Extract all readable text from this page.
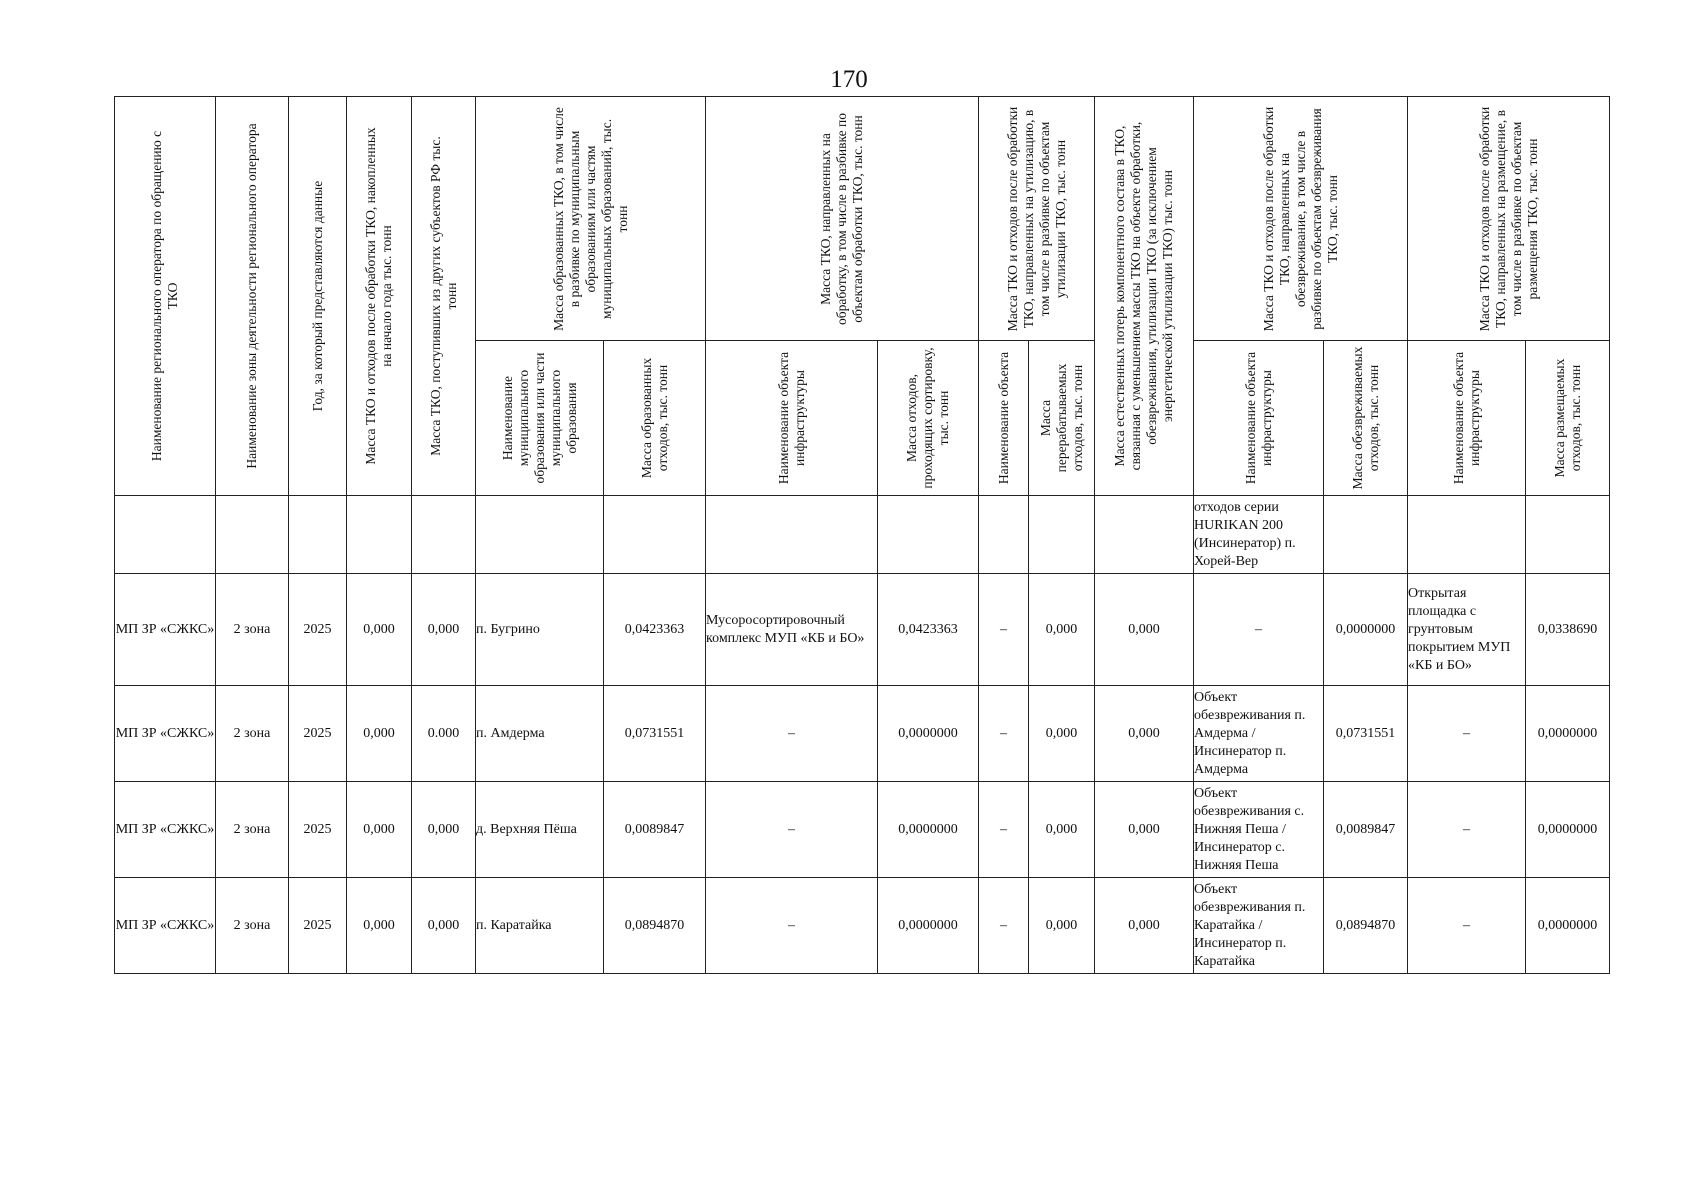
170
Наименование регионального оператора по обращению с ТКО	Наименование зоны деятельности регионального оператора	Год, за который представляются данные	Масса ТКО и отходов после обработки ТКО, накопленных на начало года тыс. тонн	Масса ТКО, поступивших из других субъектов РФ тыс. тонн	Масса образованных ТКО, в том числе в разбивке по муниципальным образованиям или частям муниципальных образований, тыс. тонн		Масса ТКО, направленных на обработку, в том числе в разбивке по объектам обработки ТКО, тыс. тонн		Масса ТКО и отходов после обработки ТКО, направленных на утилизацию, в том числе в разбивке по объектам утилизации ТКО, тыс. тонн		Масса естественных потерь компонентного состава в ТКО, связанная с уменьшением массы ТКО на объекте обработки, обезвреживания, утилизации ТКО (за исключением энергетической утилизации ТКО) тыс. тонн	Масса ТКО и отходов после обработки ТКО, направленных на обезвреживание, в том числе в разбивке по объектам обезвреживания ТКО, тыс. тонн		Масса ТКО и отходов после обработки ТКО, направленных на размещение, в том числе в разбивке по объектам размещения ТКО, тыс. тонн	

					Наименование муниципального образования или части муниципального образования	Масса образованных отходов, тыс. тонн	Наименование объекта инфраструктуры	Масса отходов, проходящих сортировку, тыс. тонн	Наименование объекта	Масса перерабатываемых отходов, тыс. тонн		Наименование объекта инфраструктуры	Масса обезвреживаемых отходов, тыс. тонн	Наименование объекта инфраструктуры	Масса размещаемых отходов, тыс. тонн

												отходов серии HURIKAN 200 (Инсинератор) п. Хорей-Вер			
МП ЗР «СЖКС»	2 зона	2025	0,000	0,000	п. Бугрино	0,0423363	Мусоросортировочный комплекс МУП «КБ и БО»	0,0423363	–	0,000	0,000	–	0,0000000	Открытая площадка с грунтовым покрытием МУП «КБ и БО»	0,0338690
МП ЗР «СЖКС»	2 зона	2025	0,000	0.000	п. Амдерма	0,0731551	–	0,0000000	–	0,000	0,000	Объект обезвреживания п. Амдерма / Инсинератор п. Амдерма	0,0731551	–	0,0000000
МП ЗР «СЖКС»	2 зона	2025	0,000	0,000	д. Верхняя Пёша	0,0089847	–	0,0000000	–	0,000	0,000	Объект обезвреживания с. Нижняя Пеша / Инсинератор с. Нижняя Пеша	0,0089847	–	0,0000000
МП ЗР «СЖКС»	2 зона	2025	0,000	0,000	п. Каратайка	0,0894870	–	0,0000000	–	0,000	0,000	Объект обезвреживания п. Каратайка / Инсинератор п. Каратайка	0,0894870	–	0,0000000
